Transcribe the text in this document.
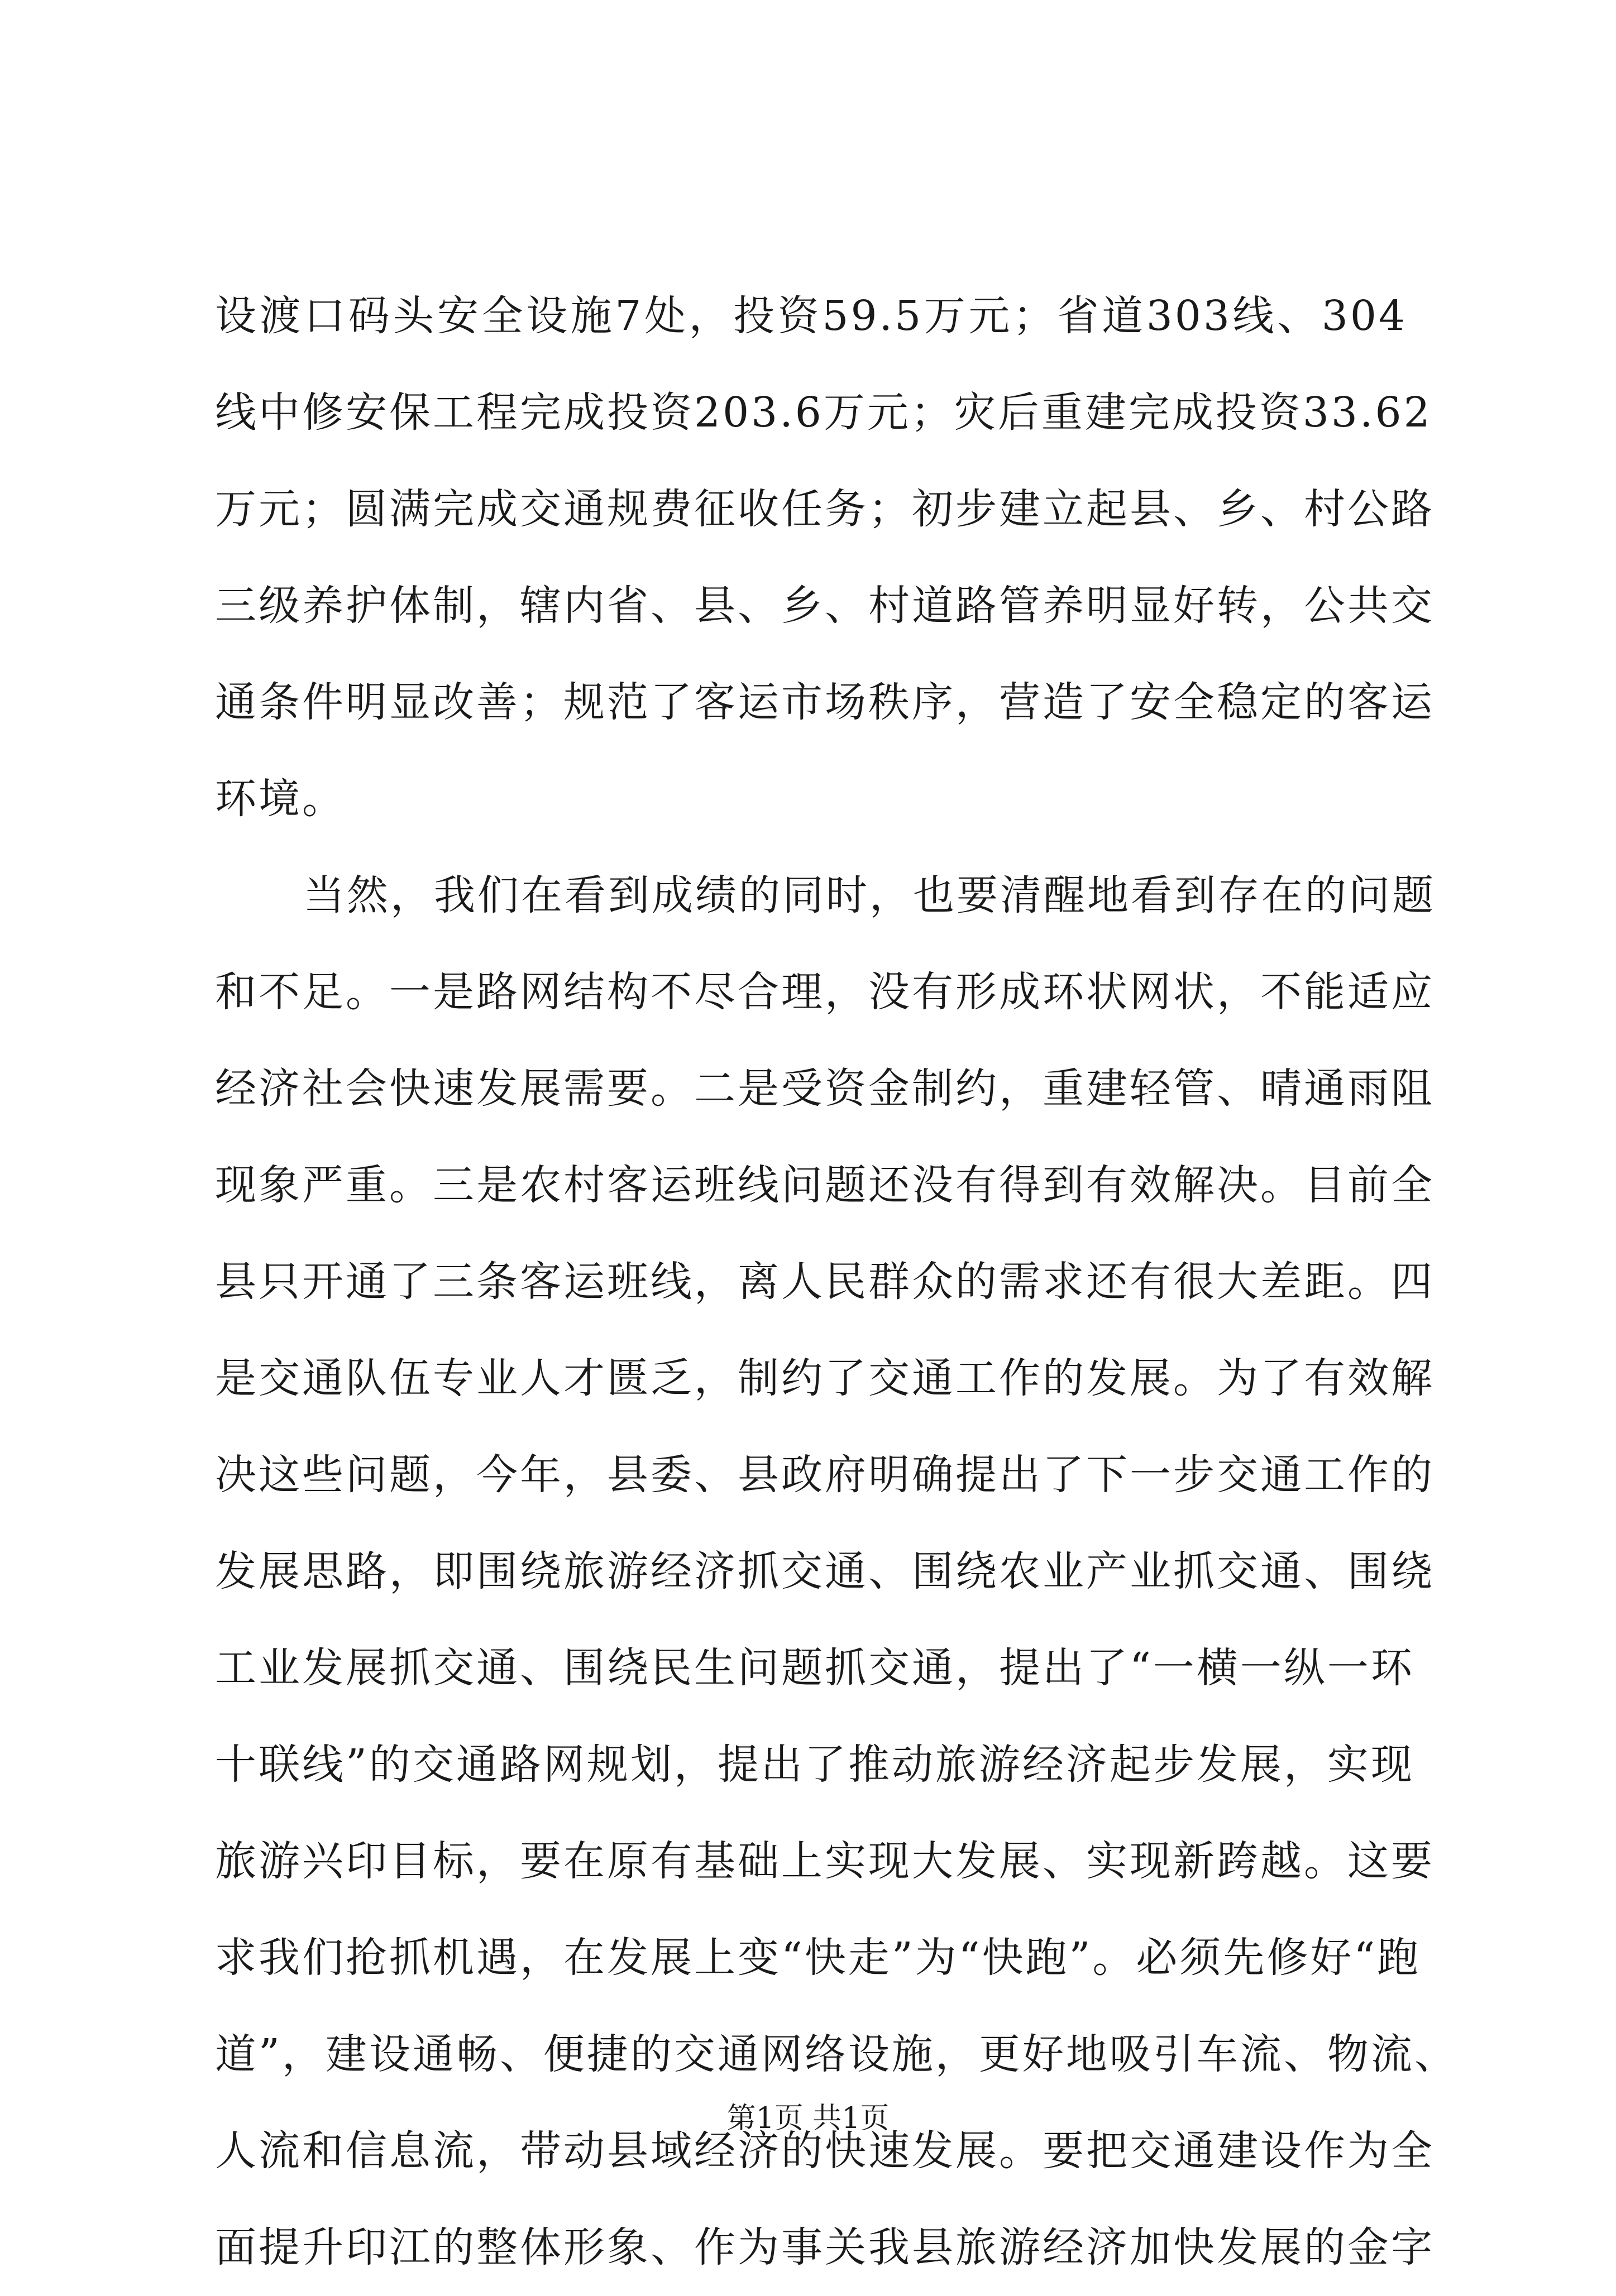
设渡口码头安全设施7处，投资59.5万元；省道303线、304
线中修安保工程完成投资203.6万元；灾后重建完成投资33.62
万元；圆满完成交通规费征收任务；初步建立起县、乡、村公路
三级养护体制，辖内省、县、乡、村道路管养明显好转，公共交
通条件明显改善；规范了客运市场秩序，营造了安全稳定的客运
环境。
当然，我们在看到成绩的同时，也要清醒地看到存在的问题
和不足。一是路网结构不尽合理，没有形成环状网状，不能适应
经济社会快速发展需要。二是受资金制约，重建轻管、晴通雨阻
现象严重。三是农村客运班线问题还没有得到有效解决。目前全
县只开通了三条客运班线，离人民群众的需求还有很大差距。四
是交通队伍专业人才匮乏，制约了交通工作的发展。为了有效解
决这些问题，今年，县委、县政府明确提出了下一步交通工作的
发展思路，即围绕旅游经济抓交通、围绕农业产业抓交通、围绕
工业发展抓交通、围绕民生问题抓交通，提出了“一横一纵一环
十联线”的交通路网规划，提出了推动旅游经济起步发展，实现
旅游兴印目标，要在原有基础上实现大发展、实现新跨越。这要
求我们抢抓机遇，在发展上变“快走”为“快跑”。必须先修好“跑
道”，建设通畅、便捷的交通网络设施，更好地吸引车流、物流、
人流和信息流，带动县域经济的快速发展。要把交通建设作为全
面提升印江的整体形象、作为事关我县旅游经济加快发展的金字
第1页 共1页
